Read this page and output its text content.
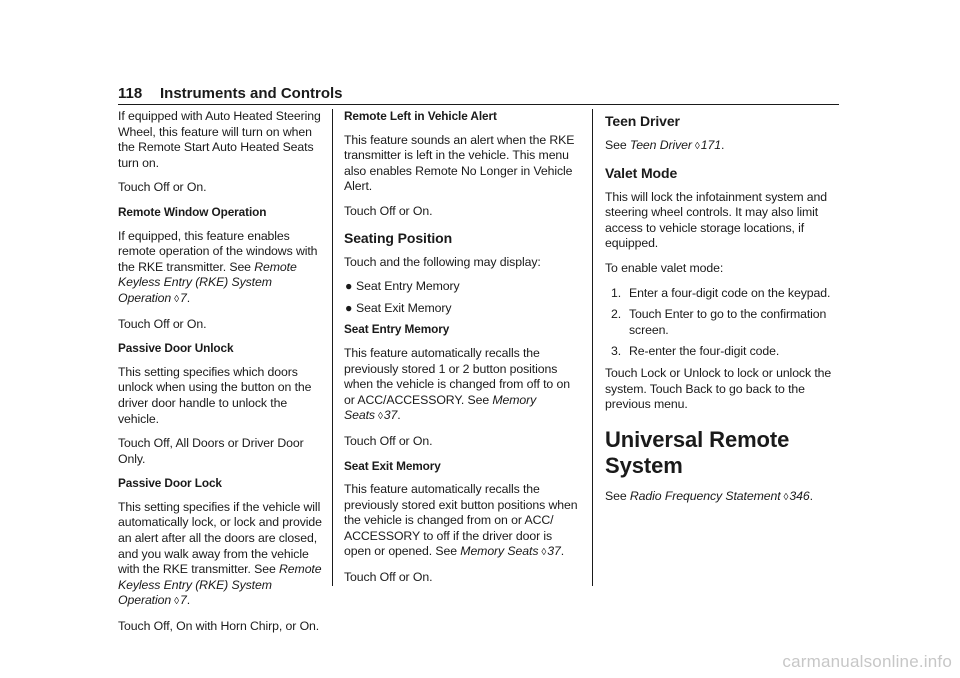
118 Instruments and Controls

If equipped with Auto Heated Steering Wheel, this feature will turn on when the Remote Start Auto Heated Seats turn on.

Touch Off or On.

Remote Window Operation

If equipped, this feature enables remote operation of the windows with the RKE transmitter. See Remote Keyless Entry (RKE) System Operation ◊7.

Touch Off or On.

Passive Door Unlock

This setting specifies which doors unlock when using the button on the driver door handle to unlock the vehicle.

Touch Off, All Doors or Driver Door Only.

Passive Door Lock

This setting specifies if the vehicle will automatically lock, or lock and provide an alert after all the doors are closed, and you walk away from the vehicle with the RKE transmitter. See Remote Keyless Entry (RKE) System Operation ◊7.

Touch Off, On with Horn Chirp, or On.

Remote Left in Vehicle Alert

This feature sounds an alert when the RKE transmitter is left in the vehicle. This menu also enables Remote No Longer in Vehicle Alert.

Touch Off or On.

Seating Position

Touch and the following may display:

● Seat Entry Memory
● Seat Exit Memory

Seat Entry Memory

This feature automatically recalls the previously stored 1 or 2 button positions when the vehicle is changed from off to on or ACC/ACCESSORY. See Memory Seats ◊37.

Touch Off or On.

Seat Exit Memory

This feature automatically recalls the previously stored exit button positions when the vehicle is changed from on or ACC/ ACCESSORY to off if the driver door is open or opened. See Memory Seats ◊37.

Touch Off or On.

Teen Driver

See Teen Driver ◊171.

Valet Mode

This will lock the infotainment system and steering wheel controls. It may also limit access to vehicle storage locations, if equipped.

To enable valet mode:

1. Enter a four-digit code on the keypad.
2. Touch Enter to go to the confirmation screen.
3. Re-enter the four-digit code.

Touch Lock or Unlock to lock or unlock the system. Touch Back to go back to the previous menu.

Universal Remote System

See Radio Frequency Statement ◊346.

carmanualsonline.info
